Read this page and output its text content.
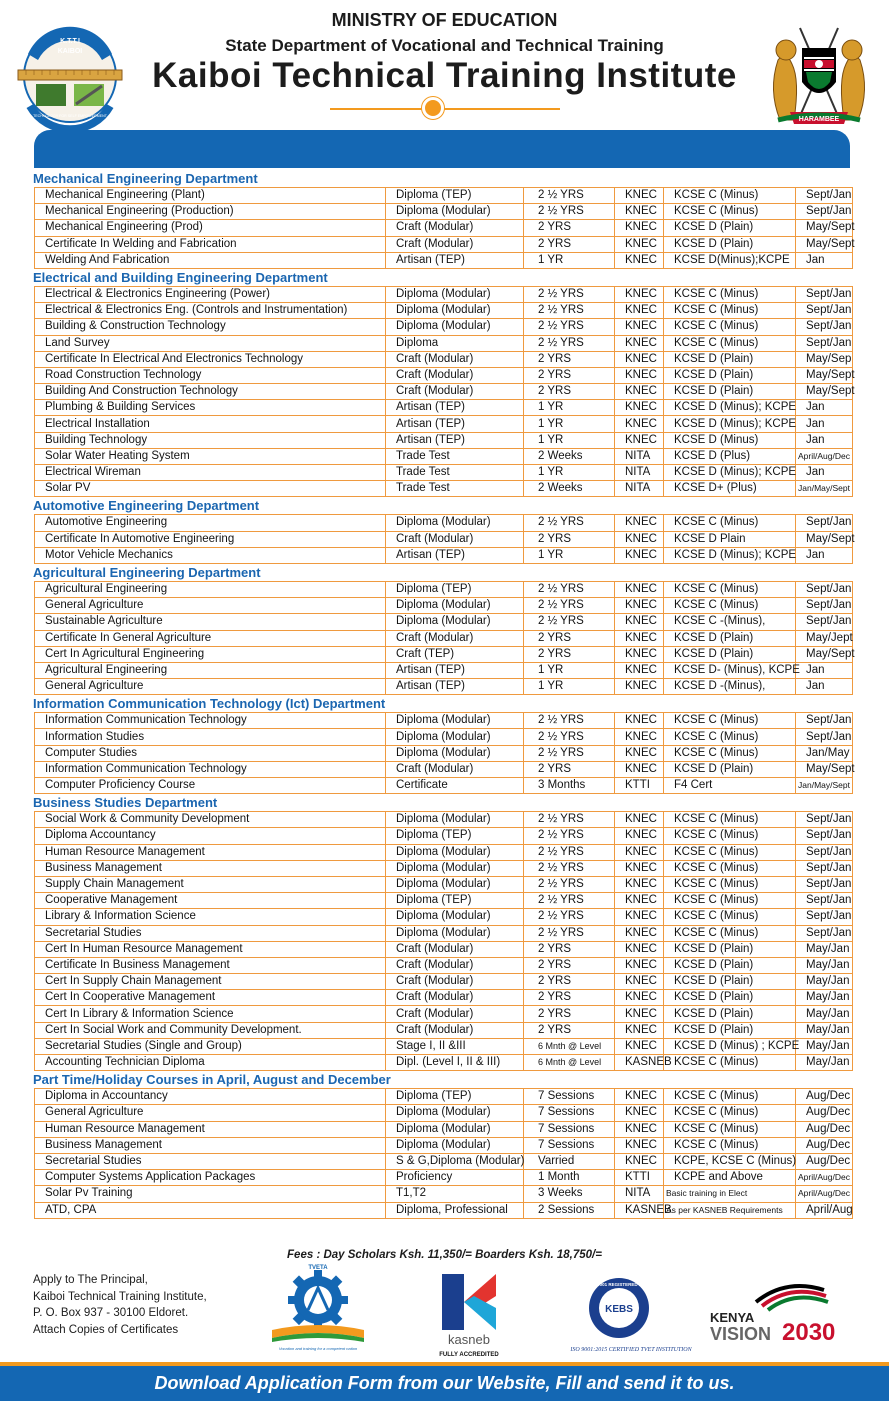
K.T.T.I
KAIBOI
TECHNOLOGY FOR SELF EMPOWERMENT
MINISTRY OF EDUCATION
State Department of Vocational and Technical Training
Kaiboi Technical Training Institute
HARAMBEE
Mechanical Engineering Department
Mechanical Engineering (Plant)	Diploma (TEP)	2 ½ YRS	KNEC	KCSE C (Minus)	Sept/Jan
Mechanical Engineering (Production)	Diploma (Modular)	2 ½ YRS	KNEC	KCSE C (Minus)	Sept/Jan
Mechanical Engineering (Prod)	Craft (Modular)	2 YRS	KNEC	KCSE D (Plain)	May/Sept
Certificate In Welding and Fabrication	Craft (Modular)	2 YRS	KNEC	KCSE D (Plain)	May/Sept
Welding And Fabrication	Artisan (TEP)	1 YR	KNEC	KCSE D(Minus);KCPE	Jan
Electrical and Building Engineering Department
Electrical & Electronics Engineering (Power)	Diploma (Modular)	2 ½ YRS	KNEC	KCSE C (Minus)	Sept/Jan
Electrical & Electronics Eng. (Controls and Instrumentation)	Diploma (Modular)	2 ½ YRS	KNEC	KCSE C (Minus)	Sept/Jan
Building & Construction Technology	Diploma (Modular)	2 ½ YRS	KNEC	KCSE C (Minus)	Sept/Jan
Land Survey	Diploma	2 ½ YRS	KNEC	KCSE C (Minus)	Sept/Jan
Certificate In Electrical And Electronics Technology	Craft (Modular)	2 YRS	KNEC	KCSE D (Plain)	May/Sep
Road Construction Technology	Craft (Modular)	2 YRS	KNEC	KCSE D (Plain)	May/Sept
Building And Construction Technology	Craft (Modular)	2 YRS	KNEC	KCSE D (Plain)	May/Sept
Plumbing & Building Services	Artisan (TEP)	1 YR	KNEC	KCSE D (Minus); KCPE	Jan
Electrical Installation	Artisan (TEP)	1 YR	KNEC	KCSE D (Minus); KCPE	Jan
Building Technology	Artisan (TEP)	1 YR	KNEC	KCSE D (Minus)	Jan
Solar Water Heating System	Trade Test	2 Weeks	NITA	KCSE D (Plus)	April/Aug/Dec
Electrical Wireman	Trade Test	1 YR	NITA	KCSE D (Minus); KCPE	Jan
Solar PV	Trade Test	2 Weeks	NITA	KCSE D+ (Plus)	Jan/May/Sept
Automotive Engineering Department
Automotive Engineering	Diploma (Modular)	2 ½ YRS	KNEC	KCSE C (Minus)	Sept/Jan
Certificate In Automotive Engineering	Craft (Modular)	2 YRS	KNEC	KCSE D Plain	May/Sept
Motor Vehicle Mechanics	Artisan (TEP)	1 YR	KNEC	KCSE D (Minus); KCPE	Jan
Agricultural Engineering Department
Agricultural Engineering	Diploma (TEP)	2 ½ YRS	KNEC	KCSE C (Minus)	Sept/Jan
General Agriculture	Diploma (Modular)	2 ½ YRS	KNEC	KCSE C (Minus)	Sept/Jan
Sustainable Agriculture	Diploma (Modular)	2 ½ YRS	KNEC	KCSE C -(Minus),	Sept/Jan
Certificate In General Agriculture	Craft (Modular)	2 YRS	KNEC	KCSE D (Plain)	May/Jept
Cert In Agricultural Engineering	Craft (TEP)	2 YRS	KNEC	KCSE D (Plain)	May/Sept
Agricultural Engineering	Artisan (TEP)	1 YR	KNEC	KCSE D- (Minus), KCPE	Jan
General Agriculture	Artisan (TEP)	1 YR	KNEC	KCSE D -(Minus),	Jan
Information Communication Technology (Ict) Department
Information Communication Technology	Diploma (Modular)	2 ½ YRS	KNEC	KCSE C (Minus)	Sept/Jan
Information Studies	Diploma (Modular)	2 ½ YRS	KNEC	KCSE C (Minus)	Sept/Jan
Computer Studies	Diploma (Modular)	2 ½ YRS	KNEC	KCSE C (Minus)	Jan/May
Information Communication Technology	Craft (Modular)	2 YRS	KNEC	KCSE D (Plain)	May/Sept
Computer Proficiency Course	Certificate	3 Months	KTTI	F4 Cert	Jan/May/Sept
Business Studies Department
Social Work & Community Development	Diploma (Modular)	2 ½ YRS	KNEC	KCSE C (Minus)	Sept/Jan
Diploma Accountancy	Diploma (TEP)	2 ½ YRS	KNEC	KCSE C (Minus)	Sept/Jan
Human Resource Management	Diploma (Modular)	2 ½ YRS	KNEC	KCSE C (Minus)	Sept/Jan
Business Management	Diploma (Modular)	2 ½ YRS	KNEC	KCSE C (Minus)	Sept/Jan
Supply Chain Management	Diploma (Modular)	2 ½ YRS	KNEC	KCSE C (Minus)	Sept/Jan
Cooperative Management	Diploma (TEP)	2 ½ YRS	KNEC	KCSE C (Minus)	Sept/Jan
Library & Information Science	Diploma (Modular)	2 ½ YRS	KNEC	KCSE C (Minus)	Sept/Jan
Secretarial Studies	Diploma (Modular)	2 ½ YRS	KNEC	KCSE C (Minus)	Sept/Jan
Cert In Human Resource Management	Craft (Modular)	2 YRS	KNEC	KCSE D (Plain)	May/Jan
Certificate In Business Management	Craft (Modular)	2 YRS	KNEC	KCSE D (Plain)	May/Jan
Cert In Supply Chain Management	Craft (Modular)	2 YRS	KNEC	KCSE D (Plain)	May/Jan
Cert In Cooperative Management	Craft (Modular)	2 YRS	KNEC	KCSE D (Plain)	May/Jan
Cert In Library & Information Science	Craft (Modular)	2 YRS	KNEC	KCSE D (Plain)	May/Jan
Cert In Social Work and Community Development.	Craft (Modular)	2 YRS	KNEC	KCSE D (Plain)	May/Jan
Secretarial Studies (Single and Group)	Stage I, II &III	6 Mnth @ Level	KNEC	KCSE D (Minus) ; KCPE	May/Jan
Accounting Technician Diploma	Dipl. (Level I, II & III)	6 Mnth @ Level	KASNEB	KCSE C (Minus)	May/Jan
Part Time/Holiday Courses in April, August and December
Diploma in Accountancy	Diploma (TEP)	7 Sessions	KNEC	KCSE C (Minus)	Aug/Dec
General Agriculture	Diploma (Modular)	7 Sessions	KNEC	KCSE C (Minus)	Aug/Dec
Human Resource Management	Diploma (Modular)	7 Sessions	KNEC	KCSE C (Minus)	Aug/Dec
Business Management	Diploma (Modular)	7 Sessions	KNEC	KCSE C (Minus)	Aug/Dec
Secretarial Studies	S & G,Diploma (Modular)	Varried	KNEC	KCPE, KCSE C (Minus)	Aug/Dec
Computer Systems Application Packages	Proficiency	1 Month	KTTI	KCPE and Above	April/Aug/Dec
Solar Pv Training	T1,T2	3 Weeks	NITA	Basic training in Elect	April/Aug/Dec
ATD, CPA	Diploma, Professional	2 Sessions	KASNEB	As per KASNEB Requirements	April/Aug
Fees : Day Scholars Ksh. 11,350/= Boarders Ksh. 18,750/=
Apply to The Principal,
Kaiboi Technical Training Institute,
P. O. Box 937 - 30100 Eldoret.
Attach Copies of Certificates
Vocation and training for a competent nation
TVETA
kasneb
FULLY ACCREDITED
KEBS
ISO 9001 REGISTERED FIRM
ISO 9001:2015 CERTIFIED TVET INSTITUTION
KENYA
VISION 2030
Download Application Form from our Website, Fill and send it to us.
